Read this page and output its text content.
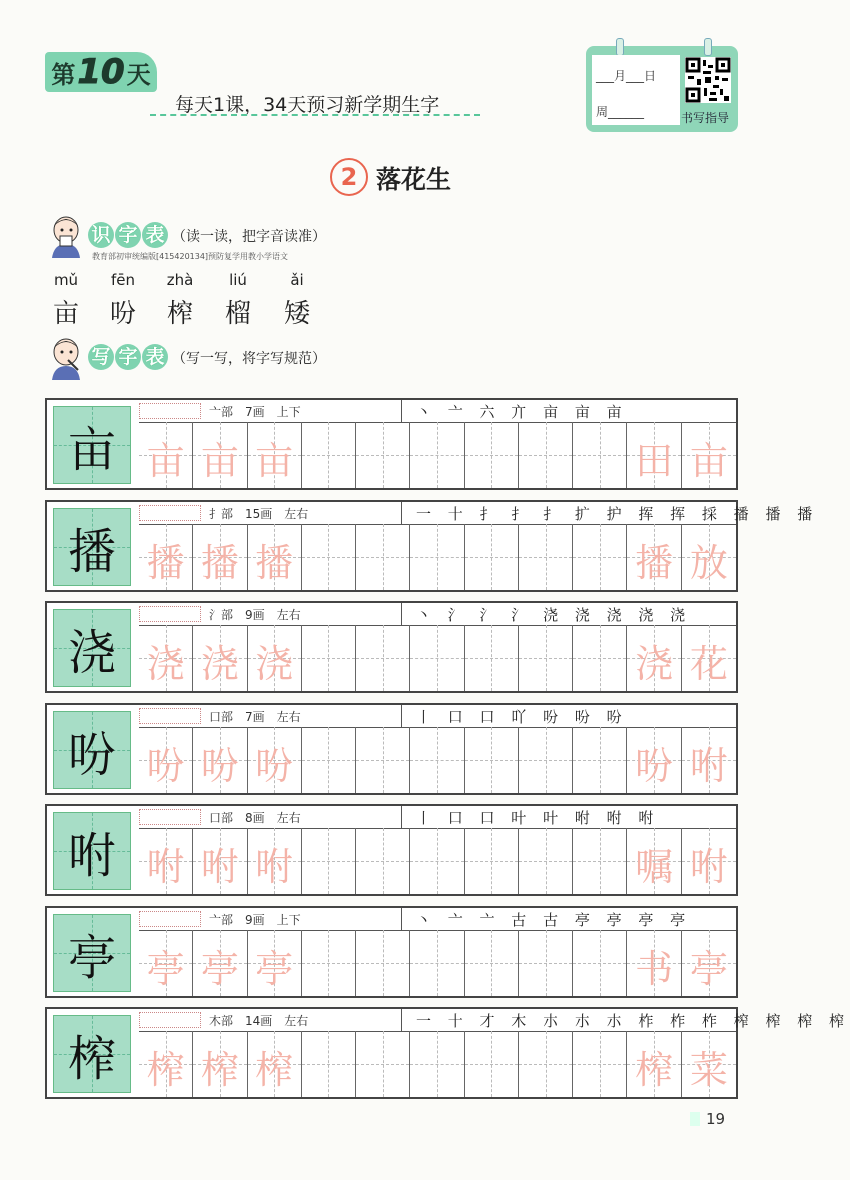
第 10 天
每天1课，34天预习新学期生字
___月___日
周______	书写指导
2 落花生
识 字 表 （读一读，把字音读准）
教育部初审统编版[415420134]预防复学用教小学语文
mǔ	fēn	zhà	liú	ǎi
亩 吩 榨 榴 矮
写 字 表 （写一写，将字写规范）
亩
亠部　7画　上下	丶 亠 六 亣 亩 亩 亩
亩 亩 亩	田 亩
播
扌部　15画　左右	一 十 扌 扌 扌 扩 护 挥 挥 採 播 播 播
播 播 播	播 放
浇
氵部　9画　左右	丶 氵 氵 氵 浇 浇 浇 浇 浇
浇 浇 浇	浇 花
吩
口部　7画　左右	丨 口 口 吖 吩 吩 吩
吩 吩 吩	吩 咐
咐
口部　8画　左右	丨 口 口 叶 叶 咐 咐 咐
咐 咐 咐	嘱 咐
亭
亠部　9画　上下	丶 亠 亠 古 古 亭 亭 亭 亭
亭 亭 亭	书 亭
榨
木部　14画　左右	一 十 才 木 朩 朩 朩 柞 柞 柞 榨 榨 榨 榨
榨 榨 榨	榨 菜
19
